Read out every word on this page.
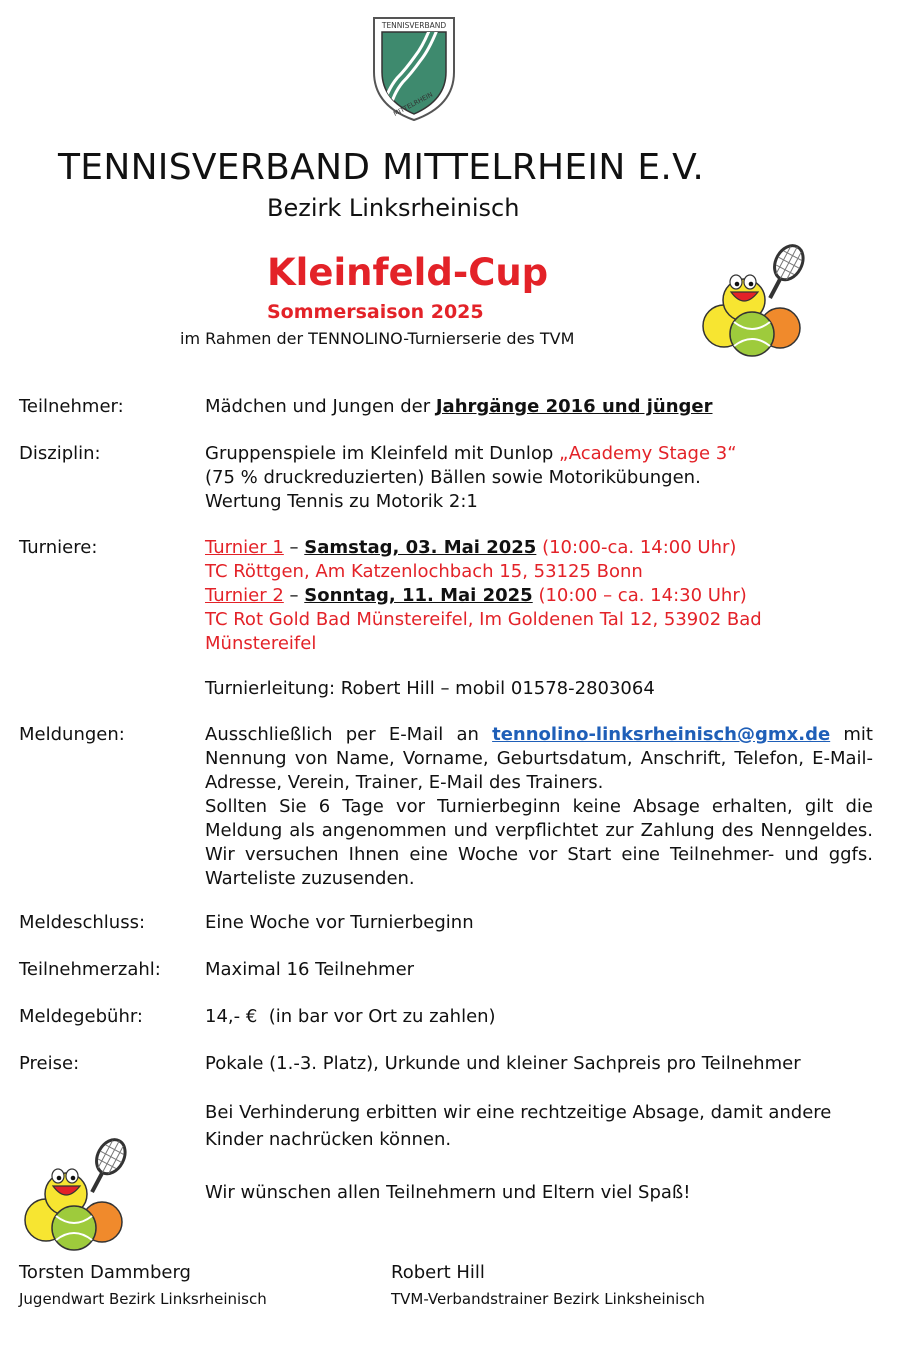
TENNISVERBAND
MITTELRHEIN
TENNISVERBAND MITTELRHEIN E.V.
Bezirk Linksrheinisch
Kleinfeld-Cup
Sommersaison 2025
im Rahmen der TENNOLINO-Turnierserie des TVM
Teilnehmer:	Mädchen und Jungen der Jahrgänge 2016 und jünger
Disziplin:	Gruppenspiele im Kleinfeld mit Dunlop „Academy Stage 3“

(75 % druckreduzierten) Bällen sowie Motorikübungen.

Wertung Tennis zu Motorik 2:1

Turniere:	Turnier 1 – Samstag, 03. Mai 2025 (10:00-ca. 14:00 Uhr)

TC Röttgen, Am Katzenlochbach 15, 53125 Bonn

Turnier 2 – Sonntag, 11. Mai 2025 (10:00 – ca. 14:30 Uhr)

TC Rot Gold Bad Münstereifel, Im Goldenen Tal 12, 53902 Bad Münstereifel

Turnierleitung: Robert Hill – mobil 01578-2803064
Meldungen:	Ausschließlich per E-Mail an tennolino-linksrheinisch@gmx.de mit Nennung von Name, Vorname, Geburtsdatum, Anschrift, Telefon, E-Mail-Adresse, Verein, Trainer, E-Mail des Trainers.

Sollten Sie 6 Tage vor Turnierbeginn keine Absage erhalten, gilt die Meldung als angenommen und verpflichtet zur Zahlung des Nenngeldes. Wir versuchen Ihnen eine Woche vor Start eine Teilnehmer- und ggfs. Warteliste zuzusenden.

Meldeschluss:	Eine Woche vor Turnierbeginn
Teilnehmerzahl: Maximal 16 Teilnehmer
Meldegebühr:	14,- €  (in bar vor Ort zu zahlen)
Preise:	Pokale (1.-3. Platz), Urkunde und kleiner Sachpreis pro Teilnehmer
Bei Verhinderung erbitten wir eine rechtzeitige Absage, damit andere Kinder nachrücken können.
Wir wünschen allen Teilnehmern und Eltern viel Spaß!
Torsten Dammberg
Jugendwart Bezirk Linksrheinisch
Robert Hill
TVM-Verbandstrainer Bezirk Linksheinisch
